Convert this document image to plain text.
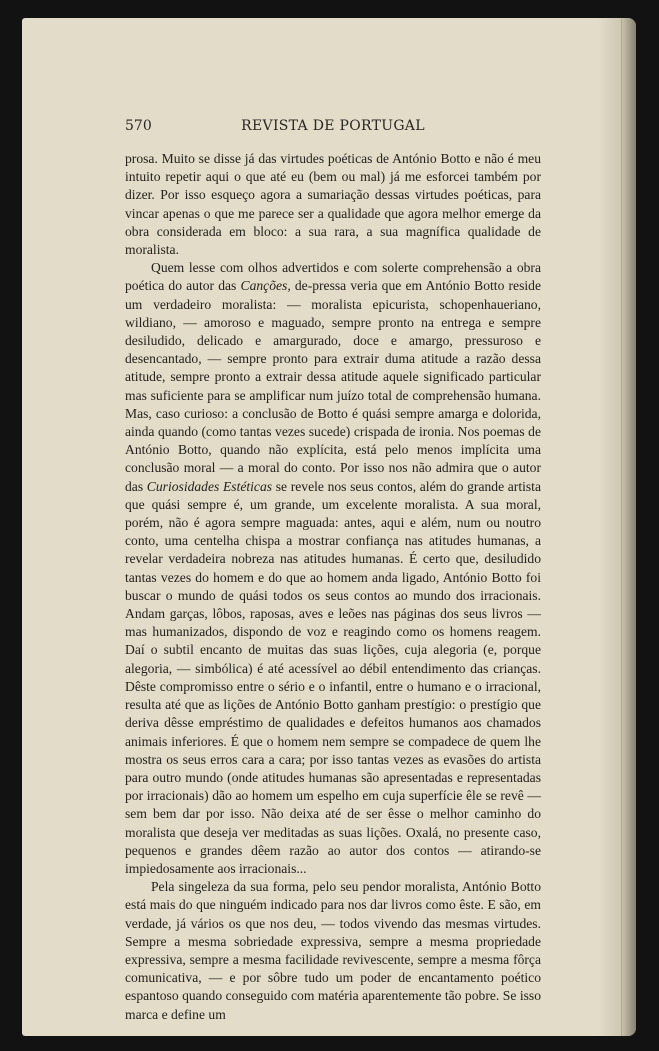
570	REVISTA DE PORTUGAL

prosa. Muito se disse já das virtudes poéticas de António Botto e não é meu intuito repetir aqui o que até eu (bem ou mal) já me esforcei também por dizer. Por isso esqueço agora a sumariação dessas virtudes poéticas, para vincar apenas o que me parece ser a qualidade que agora melhor emerge da obra considerada em bloco: a sua rara, a sua magnífica qualidade de moralista.

Quem lesse com olhos advertidos e com solerte comprehensão a obra poética do autor das Canções, de-pressa veria que em António Botto reside um verdadeiro moralista: — moralista epicurista, schopenhaueriano, wildiano, — amoroso e maguado, sempre pronto na entrega e sempre desiludido, delicado e amargurado, doce e amargo, pressuroso e desencantado, — sempre pronto para extrair duma atitude a razão dessa atitude, sempre pronto a extrair dessa atitude aquele significado particular mas suficiente para se amplificar num juízo total de comprehensão humana. Mas, caso curioso: a conclusão de Botto é quási sempre amarga e dolorida, ainda quando (como tantas vezes sucede) crispada de ironia. Nos poemas de António Botto, quando não explícita, está pelo menos implícita uma conclusão moral — a moral do conto. Por isso nos não admira que o autor das Curiosidades Estéticas se revele nos seus contos, além do grande artista que quási sempre é, um grande, um excelente moralista. A sua moral, porém, não é agora sempre maguada: antes, aqui e além, num ou noutro conto, uma centelha chispa a mostrar confiança nas atitudes humanas, a revelar verdadeira nobreza nas atitudes humanas. É certo que, desiludido tantas vezes do homem e do que ao homem anda ligado, António Botto foi buscar o mundo de quási todos os seus contos ao mundo dos irracionais. Andam garças, lôbos, raposas, aves e leões nas páginas dos seus livros — mas humanizados, dispondo de voz e reagindo como os homens reagem. Daí o subtil encanto de muitas das suas lições, cuja alegoria (e, porque alegoria, — simbólica) é até acessível ao débil entendimento das crianças. Dêste compromisso entre o sério e o infantil, entre o humano e o irracional, resulta até que as lições de António Botto ganham prestígio: o prestígio que deriva dêsse empréstimo de qualidades e defeitos humanos aos chamados animais inferiores. É que o homem nem sempre se compadece de quem lhe mostra os seus erros cara a cara; por isso tantas vezes as evasões do artista para outro mundo (onde atitudes humanas são apresentadas e representadas por irracionais) dão ao homem um espelho em cuja superfície êle se revê — sem bem dar por isso. Não deixa até de ser êsse o melhor caminho do moralista que deseja ver meditadas as suas lições. Oxalá, no presente caso, pequenos e grandes dêem razão ao autor dos contos — atirando-se impiedosamente aos irracionais...

Pela singeleza da sua forma, pelo seu pendor moralista, António Botto está mais do que ninguém indicado para nos dar livros como êste. E são, em verdade, já vários os que nos deu, — todos vivendo das mesmas virtudes. Sempre a mesma sobriedade expressiva, sempre a mesma propriedade expressiva, sempre a mesma facilidade revivescente, sempre a mesma fôrça comunicativa, — e por sôbre tudo um poder de encantamento poético espantoso quando conseguido com matéria aparentemente tão pobre. Se isso marca e define um
